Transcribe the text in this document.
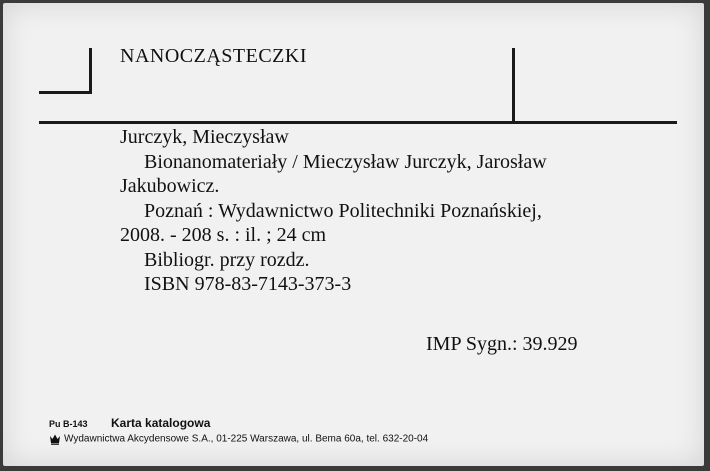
NANOCZĄSTECZKI
Jurczyk, Mieczysław
Bionanomateriały / Mieczysław Jurczyk, Jarosław
Jakubowicz.
Poznań : Wydawnictwo Politechniki Poznańskiej,
2008. - 208 s. : il. ; 24 cm
Bibliogr. przy rozdz.
ISBN 978-83-7143-373-3
IMP Sygn.: 39.929
Pu B-143 Karta katalogowa
Wydawnictwa Akcydensowe S.A., 01-225 Warszawa, ul. Bema 60a, tel. 632-20-04
